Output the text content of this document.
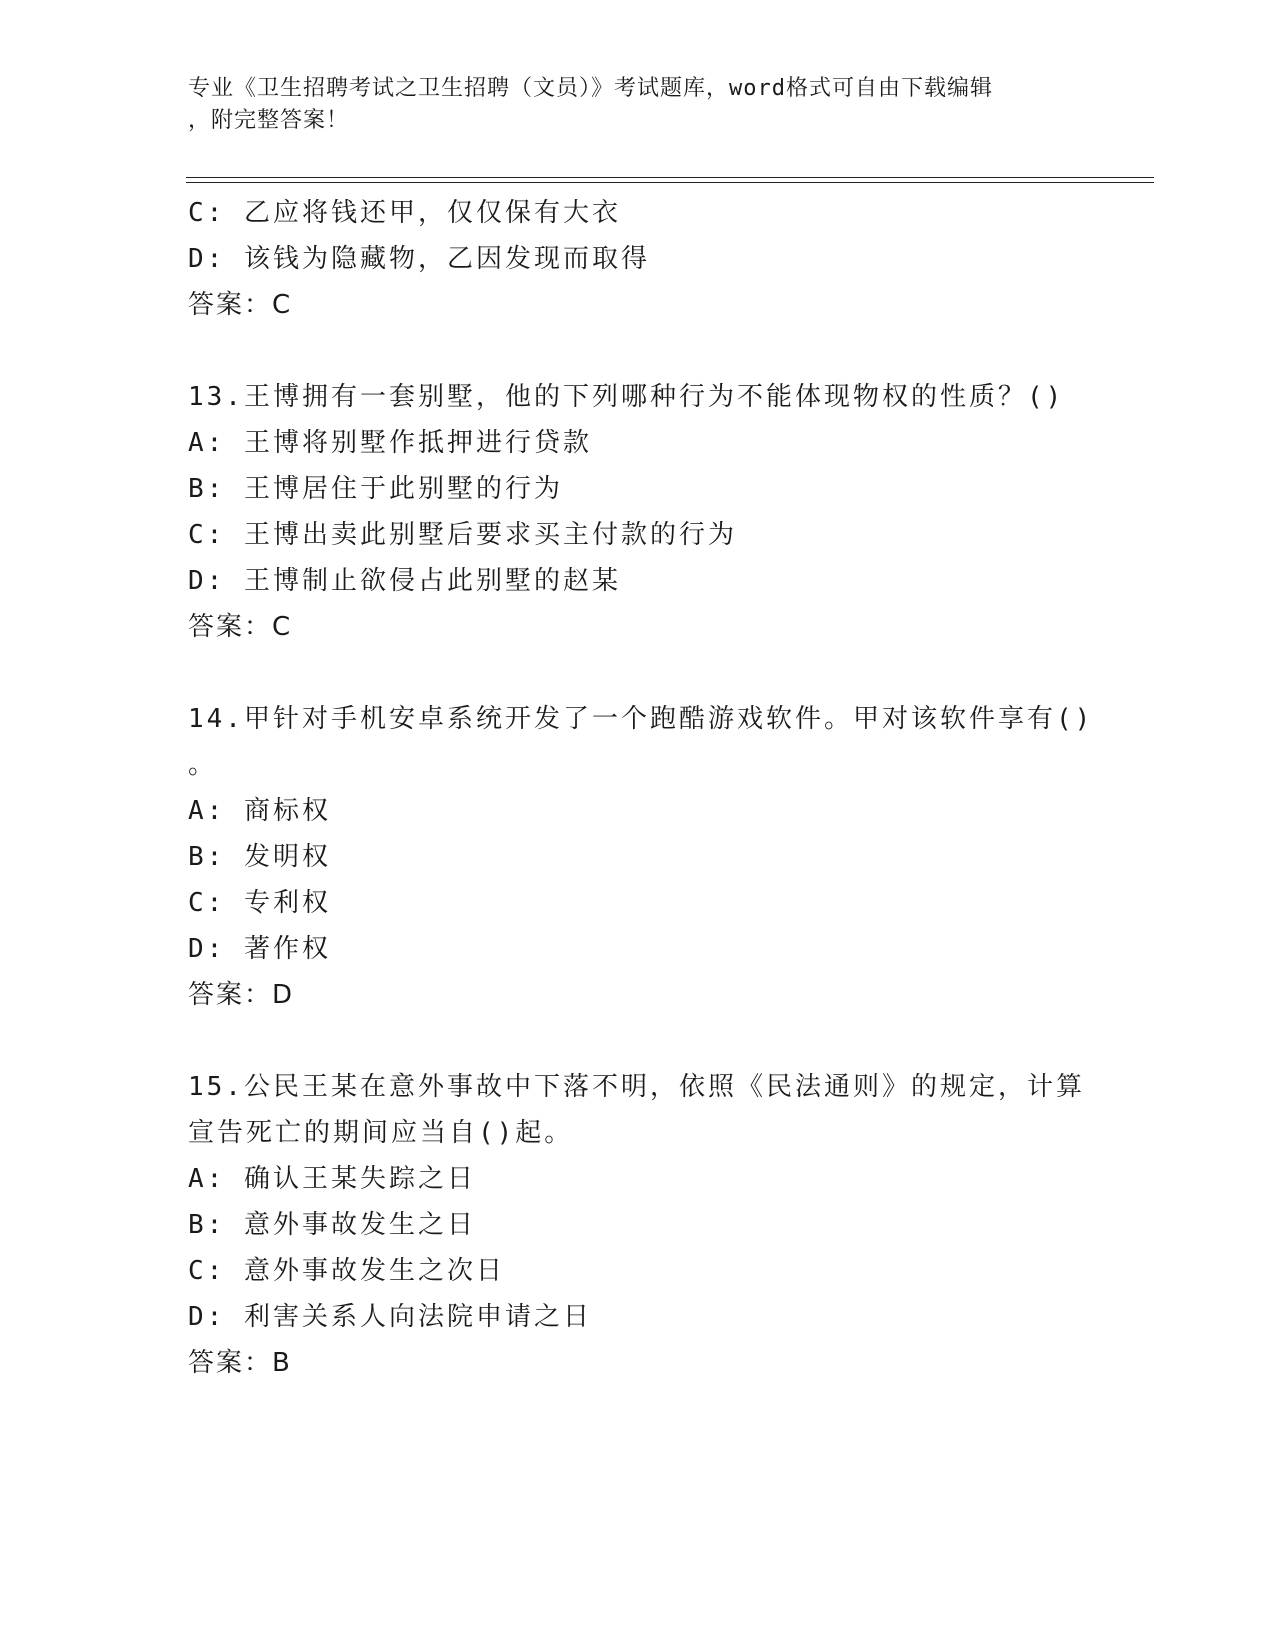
专业《卫生招聘考试之卫生招聘（文员）》考试题库，word格式可自由下载编辑
，附完整答案！
C: 乙应将钱还甲，仅仅保有大衣
D: 该钱为隐藏物，乙因发现而取得
答案：C
13.王博拥有一套别墅，他的下列哪种行为不能体现物权的性质？()
A: 王博将别墅作抵押进行贷款
B: 王博居住于此别墅的行为
C: 王博出卖此别墅后要求买主付款的行为
D: 王博制止欲侵占此别墅的赵某
答案：C
14.甲针对手机安卓系统开发了一个跑酷游戏软件。甲对该软件享有()
。
A: 商标权
B: 发明权
C: 专利权
D: 著作权
答案：D
15.公民王某在意外事故中下落不明，依照《民法通则》的规定，计算
宣告死亡的期间应当自()起。
A: 确认王某失踪之日
B: 意外事故发生之日
C: 意外事故发生之次日
D: 利害关系人向法院申请之日
答案：B
